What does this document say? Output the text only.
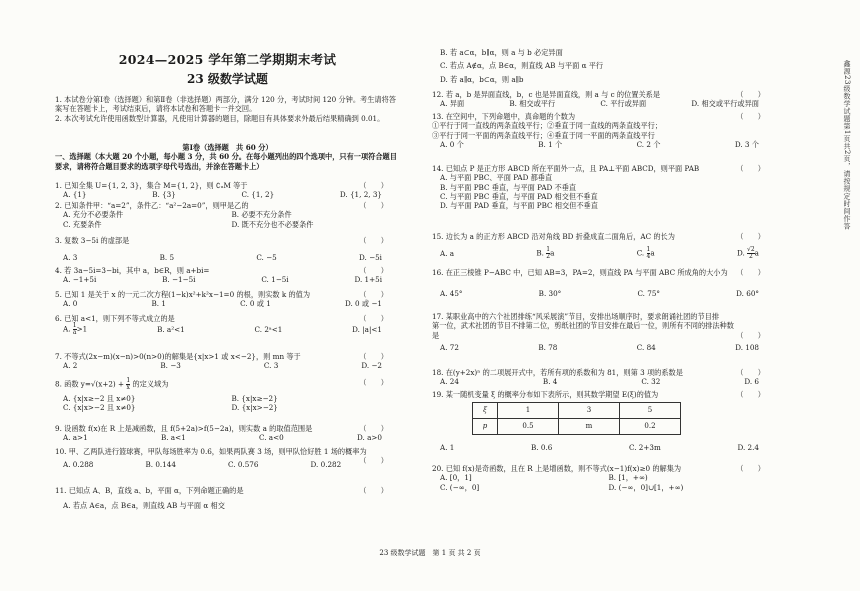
2024—2025 学年第二学期期末考试
23 级数学试题
1. 本试卷分第Ⅰ卷（选择题）和第Ⅱ卷（非选择题）两部分，满分 120 分，考试时间 120 分钟。考生请将答案写在答题卡上，考试结束后，请将本试卷和答题卡一并交回。
2. 本次考试允许使用函数型计算器，凡使用计算器的题目，除题目有具体要求外最后结果精确到 0.01。
第Ⅰ卷（选择题　共 60 分）
一、选择题（本大题 20 个小题，每小题 3 分，共 60 分。在每小题列出的四个选项中，只有一项符合题目要求，请将符合题目要求的选项字母代号选出，并涂在答题卡上）
1. 已知全集 U={1, 2, 3}，集合 M={1, 2}，则 ∁ᵤM 等于	（　　）
A. {1}	B. {3}	C. {1, 2}	D. {1, 2, 3}
2. 已知条件甲：“a=2”，条件乙：“a²−2a=0”，则甲是乙的	（　　）
A. 充分不必要条件	B. 必要不充分条件
C. 充要条件	D. 既不充分也不必要条件
3. 复数 3−5i 的虚部是	（　　）
A. 3	B. 5	C. −5	D. −5i
4. 若 3a−5i=3−bi，其中 a，b∈R，则 a+bi=	（　　）
A. −1+5i	B. −1−5i	C. 1−5i	D. 1+5i
5. 已知 1 是关于 x 的一元二次方程(1−k)x²+k²x−1=0 的根，则实数 k 的值为	（　　）
A. 0	B. 1	C. 0 或 1	D. 0 或 −1
6. 已知 a<1，则下列不等式成立的是	（　　）
A. $\frac{1}{a} >1$	B. a²<1	C. 2ᵃ<1	D. |a|<1
7. 不等式(2x−m)(x−n)>0(n>0)的解集是{x|x>1 或 x<−2}，则 mn 等于	（　　）
A. 2	B. −3	C. 3	D. −2
8. 函数 $y=√(x+2) + \frac{1}{x}$ 的定义域为	（　　）
A. {x|x≥−2 且 x≠0}	B. {x|x≥−2}
C. {x|x>−2 且 x≠0}	D. {x|x>−2}
9. 设函数 f(x)在 R 上是减函数，且 f(5+2a)>f(5−2a)，则实数 a 的取值范围是	（　　）
A. a>1	B. a<1	C. a<0	D. a>0
10. 甲、乙两队进行篮球赛，甲队每场胜率为 0.6，如果两队赛 3 场，则甲队恰好胜 1 场的概率为
（　　）
A. 0.288	B. 0.144	C. 0.576	D. 0.282
11. 已知点 A、B，直线 a、b，平面 α，下列命题正确的是	（　　）
A. 若点 A∈a，点 B∈a，则直线 AB 与平面 α 相交
B. 若 a⊂α，b∥α，则 a 与 b 必定异面
C. 若点 A∉α，点 B∈α，则直线 AB 与平面 α 平行
D. 若 a∥α，b⊂α，则 a∥b
12. 若 a，b 是异面直线，b，c 也是异面直线，则 a 与 c 的位置关系是	（　　）
A. 异面	B. 相交或平行	C. 平行或异面	D. 相交或平行或异面
13. 在空间中，下列命题中，真命题的个数为	（　　）
①平行于同一直线的两条直线平行；②垂直于同一直线的两条直线平行；
③平行于同一平面的两条直线平行；④垂直于同一平面的两条直线平行
A. 0 个	B. 1 个	C. 2 个	D. 3 个
14. 已知点 P 是正方形 ABCD 所在平面外一点，且 PA⊥平面 ABCD，则平面 PAB	（　　）
A. 与平面 PBC、平面 PAD 都垂直
B. 与平面 PBC 垂直，与平面 PAD 不垂直
C. 与平面 PBC 垂直，与平面 PAD 相交但不垂直
D. 与平面 PAD 垂直，与平面 PBC 相交但不垂直
15. 边长为 a 的正方形 ABCD 沿对角线 BD 折叠成直二面角后，AC 的长为	（　　）
A. a	B. $\frac{1}{2}$ a	C. $\frac{1}{4}$ a	D. $\frac{√2}{2}$ a
16. 在正三棱锥 P−ABC 中，已知 AB=3，PA=2，则直线 PA 与平面 ABC 所成角的大小为 （　　）
A. 45°	B. 30°	C. 75°	D. 60°
17. 某职业高中的六个社团排练“风采展演”节目，安排出场顺序时，要求朗诵社团的节目排
第一位，武术社团的节目不排第二位，剪纸社团的节目安排在最后一位，则所有不同的排法种数
是	（　　）
A. 72	B. 78	C. 84	D. 108
18. 在(y+2x)ⁿ 的二项展开式中，若所有项的系数和为 81，则第 3 项的系数是	（　　）
A. 24	B. 4	C. 32	D. 6
19. 某一随机变量 ξ 的概率分布如下表所示，则其数学期望 E(ξ)的值为	（　　）
ξ	1	3	5
p	0.5	m	0.2
A. 1	B. 0.6	C. 2+3m	D. 2.4
20. 已知 f(x)是奇函数，且在 R 上是增函数，则不等式(x−1)f(x)≥0 的解集为	（　　）
A. [0，1]	B. [1，+∞)
C. (−∞，0]	D. (−∞，0]∪[1，+∞)
鑫源23级数学试题第1页共2页，请按规定时间作答
23 级数学试题　第 1 页 共 2 页
